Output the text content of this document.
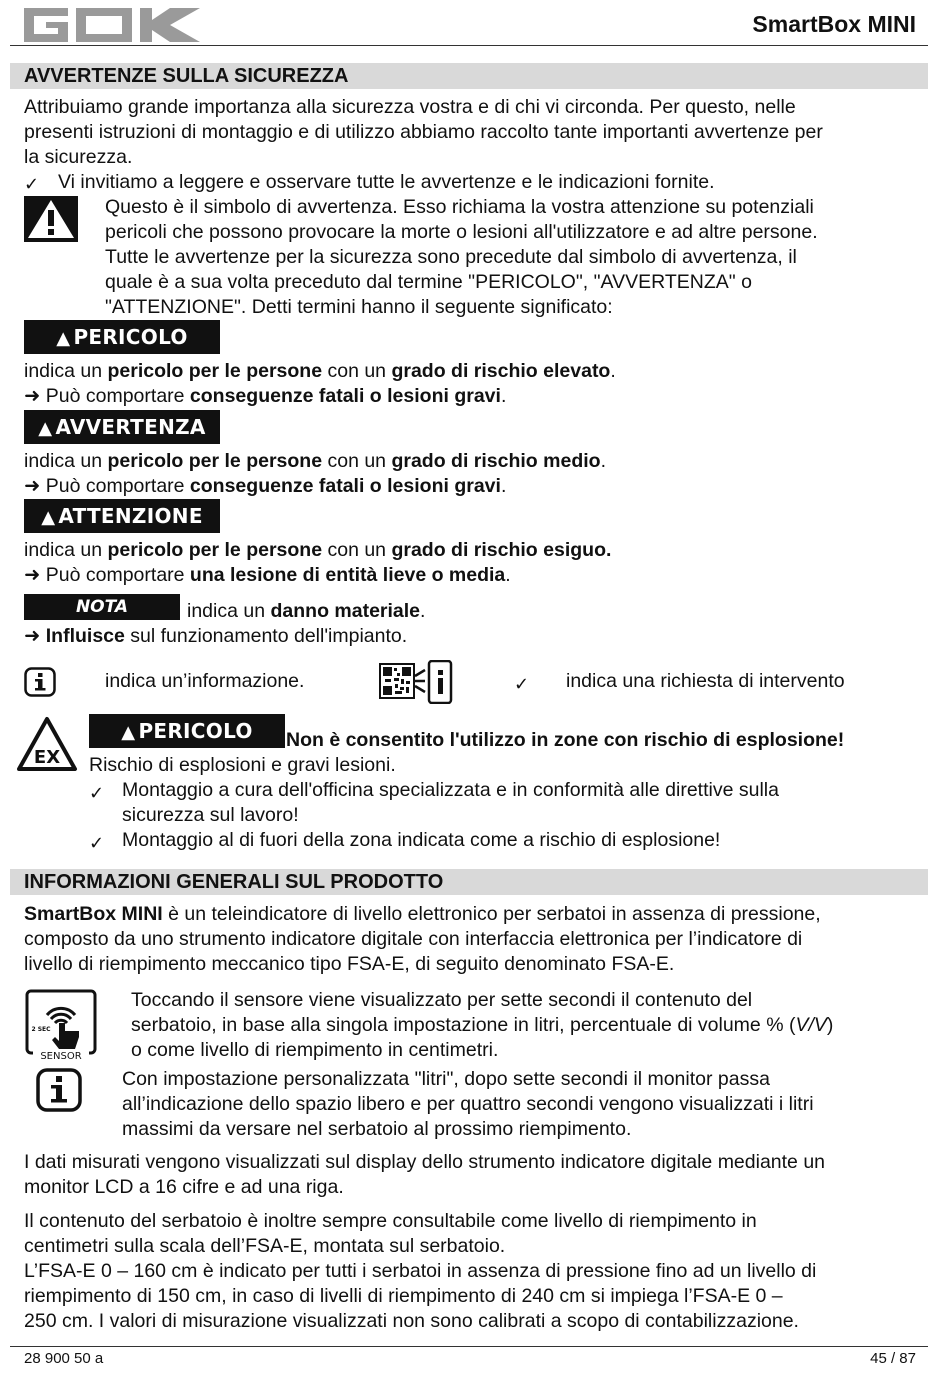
SmartBox MINI
AVVERTENZE SULLA SICUREZZA
Attribuiamo grande importanza alla sicurezza vostra e di chi vi circonda. Per questo, nelle
presenti istruzioni di montaggio e di utilizzo abbiamo raccolto tante importanti avvertenze per
la sicurezza.
✓ Vi invitiamo a leggere e osservare tutte le avvertenze e le indicazioni fornite.
Questo è il simbolo di avvertenza. Esso richiama la vostra attenzione su potenziali
pericoli che possono provocare la morte o lesioni all'utilizzatore e ad altre persone.
Tutte le avvertenze per la sicurezza sono precedute dal simbolo di avvertenza, il
quale è a sua volta preceduto dal termine "PERICOLO", "AVVERTENZA" o
"ATTENZIONE". Detti termini hanno il seguente significato:
▲ PERICOLO
indica un pericolo per le persone con un grado di rischio elevato.
➜ Può comportare conseguenze fatali o lesioni gravi.
▲ AVVERTENZA
indica un pericolo per le persone con un grado di rischio medio.
➜ Può comportare conseguenze fatali o lesioni gravi.
▲ ATTENZIONE
indica un pericolo per le persone con un grado di rischio esiguo.
➜ Può comportare una lesione di entità lieve o media.
NOTA	indica un danno materiale.
➜ Influisce sul funzionamento dell'impianto.
indica un’informazione.	✓ indica una richiesta di intervento
EX
▲ PERICOLO	Non è consentito l'utilizzo in zone con rischio di esplosione!
Rischio di esplosioni e gravi lesioni.
✓ Montaggio a cura dell'officina specializzata e in conformità alle direttive sulla
sicurezza sul lavoro!
✓ Montaggio al di fuori della zona indicata come a rischio di esplosione!
INFORMAZIONI GENERALI SUL PRODOTTO
SmartBox MINI è un teleindicatore di livello elettronico per serbatoi in assenza di pressione,
composto da uno strumento indicatore digitale con interfaccia elettronica per l’indicatore di
livello di riempimento meccanico tipo FSA-E, di seguito denominato FSA-E.
2 SEC
SENSOR
Toccando il sensore viene visualizzato per sette secondi il contenuto del
serbatoio, in base alla singola impostazione in litri, percentuale di volume % (V/V)
o come livello di riempimento in centimetri.
Con impostazione personalizzata "litri", dopo sette secondi il monitor passa
all’indicazione dello spazio libero e per quattro secondi vengono visualizzati i litri
massimi da versare nel serbatoio al prossimo riempimento.
I dati misurati vengono visualizzati sul display dello strumento indicatore digitale mediante un
monitor LCD a 16 cifre e ad una riga.
Il contenuto del serbatoio è inoltre sempre consultabile come livello di riempimento in
centimetri sulla scala dell’FSA-E, montata sul serbatoio.
L’FSA-E 0 – 160 cm è indicato per tutti i serbatoi in assenza di pressione fino ad un livello di
riempimento di 150 cm, in caso di livelli di riempimento di 240 cm si impiega l’FSA-E 0 –
250 cm. I valori di misurazione visualizzati non sono calibrati a scopo di contabilizzazione.
28 900 50 a	45 / 87
